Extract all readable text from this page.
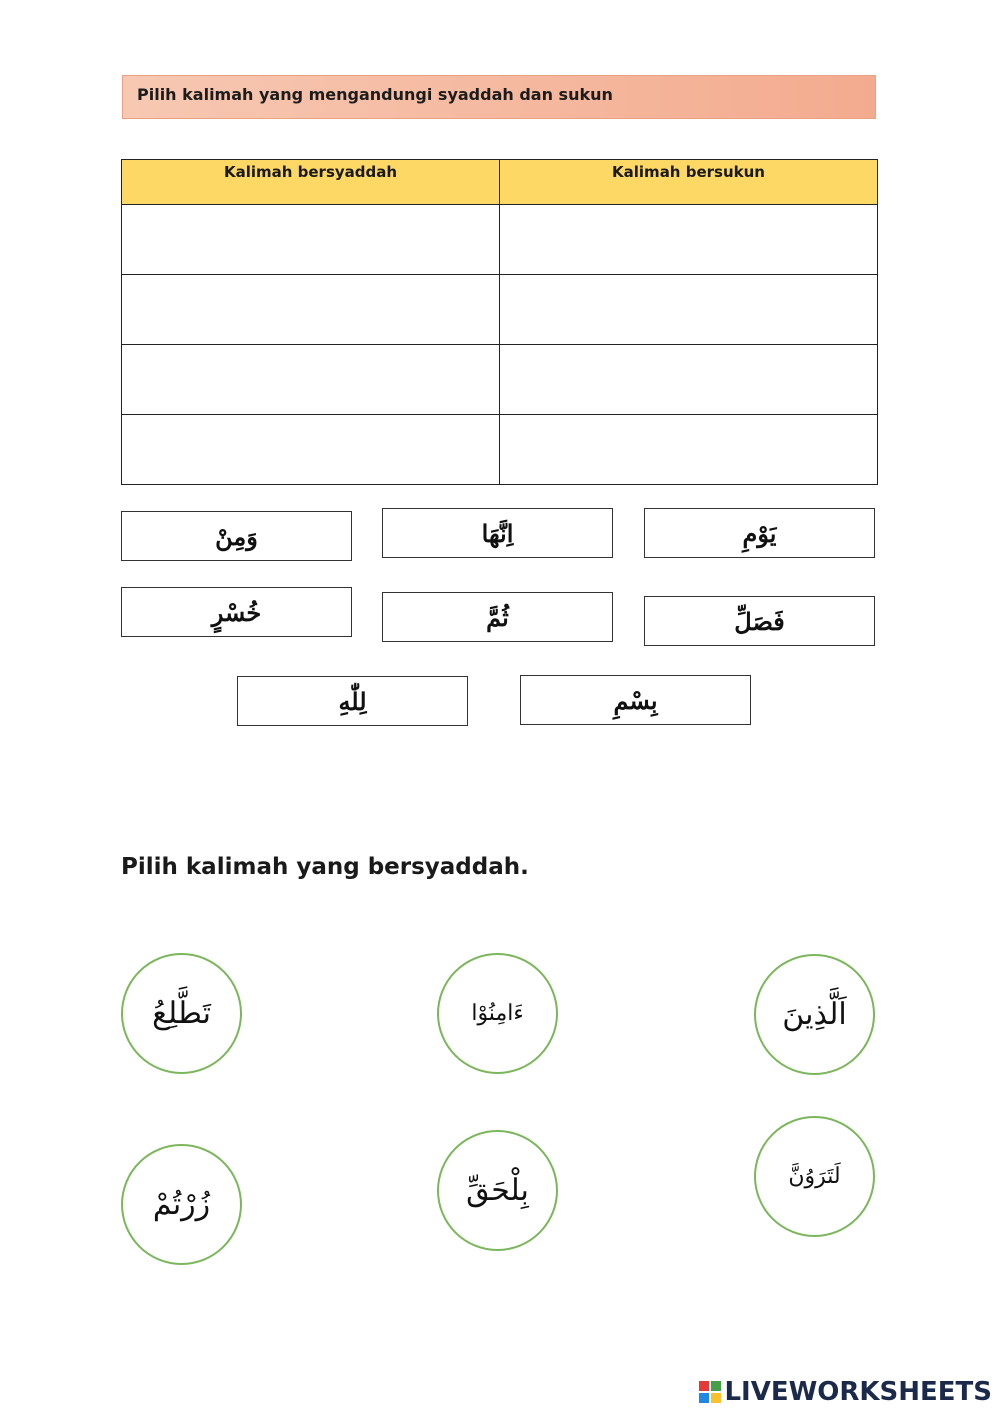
Pilih kalimah yang mengandungi syaddah dan sukun
Kalimah bersyaddah	Kalimah bersukun

وَمِنْ	اِنَّهَا	يَوْمِ
خُسْرٍ	ثُمَّ	فَصَلِّ
لِلّٰهِ	بِسْمِ
Pilih kalimah yang bersyaddah.
تَطَّلِعُ	ءَامِنُوْا	اَلَّذِينَ
زُرْتُمْ	بِلْحَقِّ	لَتَرَوُنَّ
LIVEWORKSHEETS
